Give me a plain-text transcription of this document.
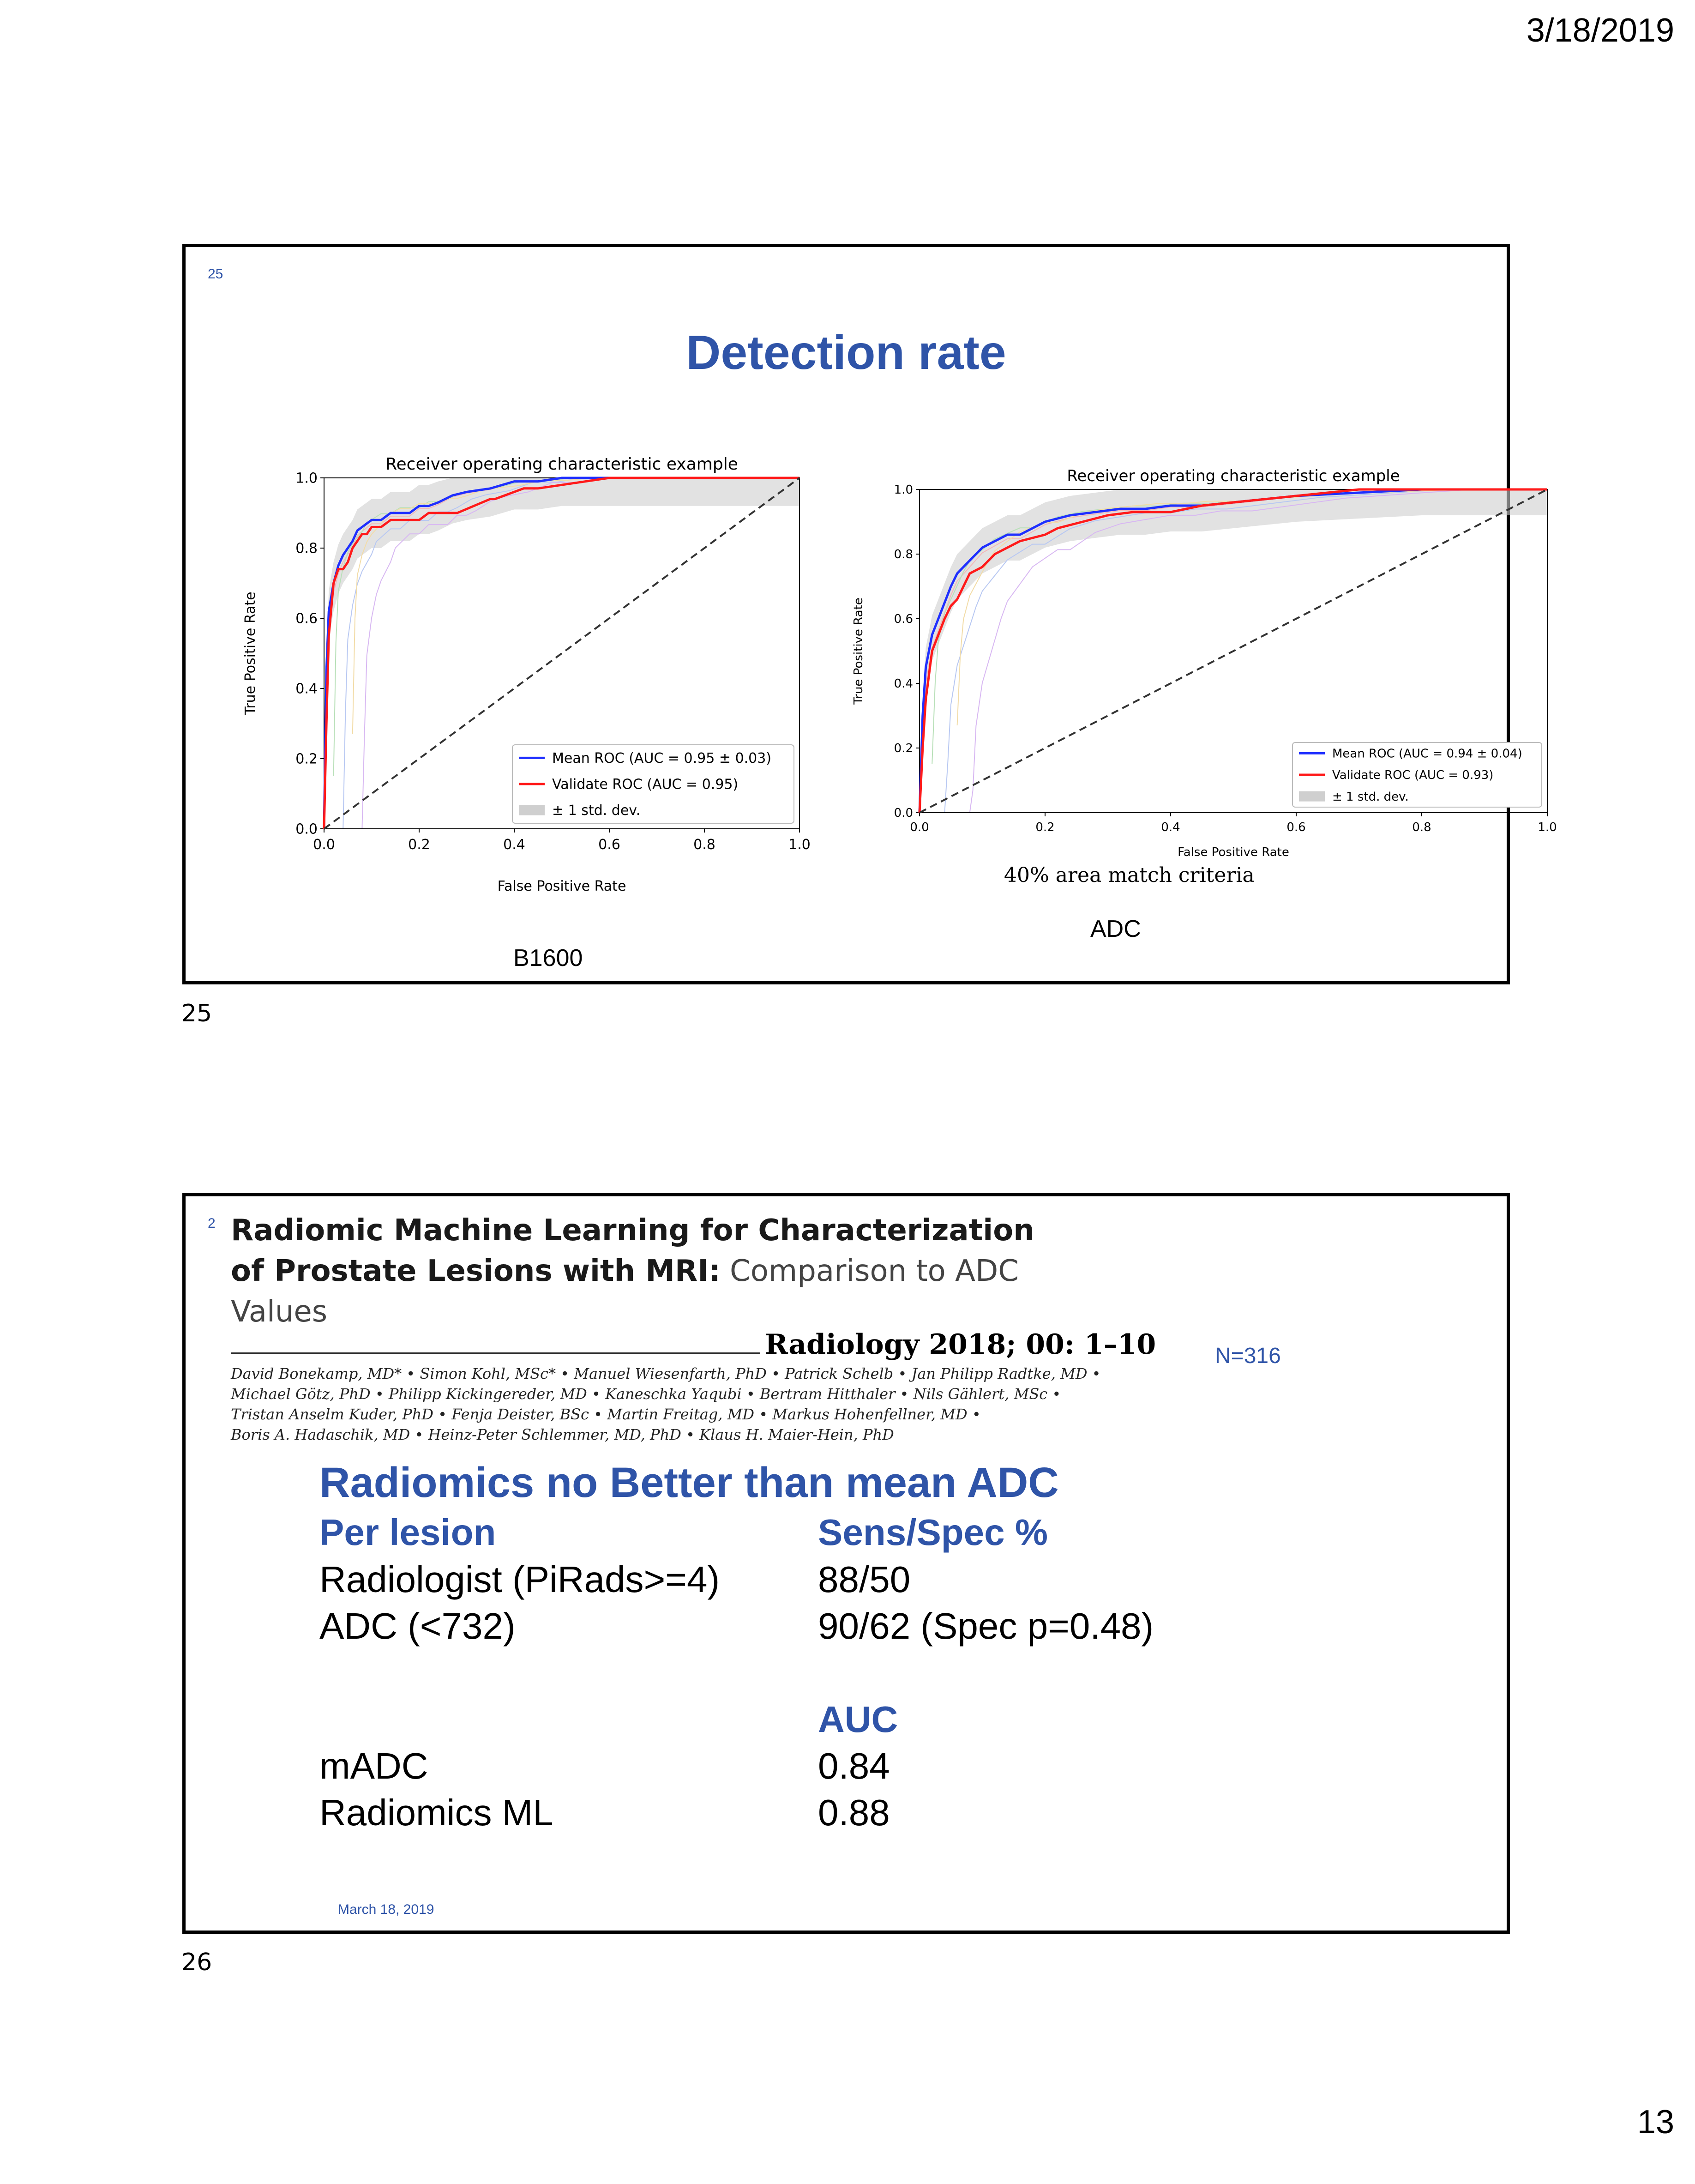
3/18/2019
13
25
Detection rate
0.0
0.0
0.2
0.2
0.4
0.4
0.6
0.6
0.8
0.8
1.0
1.0
Receiver operating characteristic example
False Positive Rate
True Positive Rate
Mean ROC (AUC = 0.95 ± 0.03)
Validate ROC (AUC = 0.95)
± 1 std. dev.
0.0
0.0
0.2
0.2
0.4
0.4
0.6
0.6
0.8
0.8
1.0
1.0
Receiver operating characteristic example
False Positive Rate
True Positive Rate
Mean ROC (AUC = 0.94 ± 0.04)
Validate ROC (AUC = 0.93)
± 1 std. dev.
40% area match criteria
ADC
B1600
25
2 Radiomic Machine Learning for Characterization
of Prostate Lesions with MRI: Comparison to ADC
Values
Radiology 2018; 00: 1–10	N=316
David Bonekamp, MD* • Simon Kohl, MSc* • Manuel Wiesenfarth, PhD • Patrick Schelb • Jan Philipp Radtke, MD •
Michael Götz, PhD • Philipp Kickingereder, MD • Kaneschka Yaqubi • Bertram Hitthaler • Nils Gählert, MSc •
Tristan Anselm Kuder, PhD • Fenja Deister, BSc • Martin Freitag, MD • Markus Hohenfellner, MD •
Boris A. Hadaschik, MD • Heinz-Peter Schlemmer, MD, PhD • Klaus H. Maier-Hein, PhD
Radiomics no Better than mean ADC
Per lesion	Sens/Spec %
Radiologist (PiRads>=4)	88/50
ADC (<732)	90/62 (Spec p=0.48)
AUC
mADC	0.84
Radiomics ML	0.88
March 18, 2019
26
